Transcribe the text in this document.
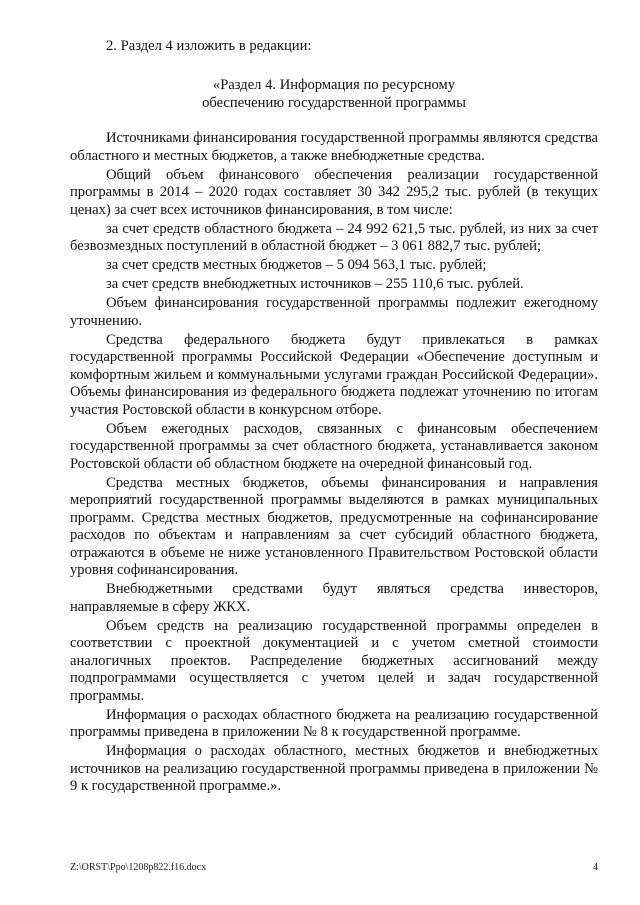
2. Раздел 4 изложить в редакции:
«Раздел 4. Информация по ресурсному
обеспечению государственной программы

Источниками финансирования государственной программы являются средства областного и местных бюджетов, а также внебюджетные средства.

Общий объем финансового обеспечения реализации государственной программы в 2014 – 2020 годах составляет 30 342 295,2 тыс. рублей (в текущих ценах) за счет всех источников финансирования, в том числе:

за счет средств областного бюджета – 24 992 621,5 тыс. рублей, из них за счет безвозмездных поступлений в областной бюджет – 3 061 882,7 тыс. рублей;

за счет средств местных бюджетов – 5 094 563,1 тыс. рублей;

за счет средств внебюджетных источников – 255 110,6 тыс. рублей.

Объем финансирования государственной программы подлежит ежегодному уточнению.

Средства федерального бюджета будут привлекаться в рамках государственной программы Российской Федерации «Обеспечение доступным и комфортным жильем и коммунальными услугами граждан Российской Федерации». Объемы финансирования из федерального бюджета подлежат уточнению по итогам участия Ростовской области в конкурсном отборе.

Объем ежегодных расходов, связанных с финансовым обеспечением государственной программы за счет областного бюджета, устанавливается законом Ростовской области об областном бюджете на очередной финансовый год.

Средства местных бюджетов, объемы финансирования и направления мероприятий государственной программы выделяются в рамках муниципальных программ. Средства местных бюджетов, предусмотренные на софинансирование расходов по объектам и направлениям за счет субсидий областного бюджета, отражаются в объеме не ниже установленного Правительством Ростовской области уровня софинансирования.

Внебюджетными средствами будут являться средства инвесторов, направляемые в сферу ЖКХ.

Объем средств на реализацию государственной программы определен в соответствии с проектной документацией и с учетом сметной стоимости аналогичных проектов. Распределение бюджетных ассигнований между подпрограммами осуществляется с учетом целей и задач государственной программы.

Информация о расходах областного бюджета на реализацию государственной программы приведена в приложении № 8 к государственной программе.

Информация о расходах областного, местных бюджетов и внебюджетных источников на реализацию государственной программы приведена в приложении № 9 к государственной программе.».

Z:\ORST\Ppo\1208p822.f16.docx	4
